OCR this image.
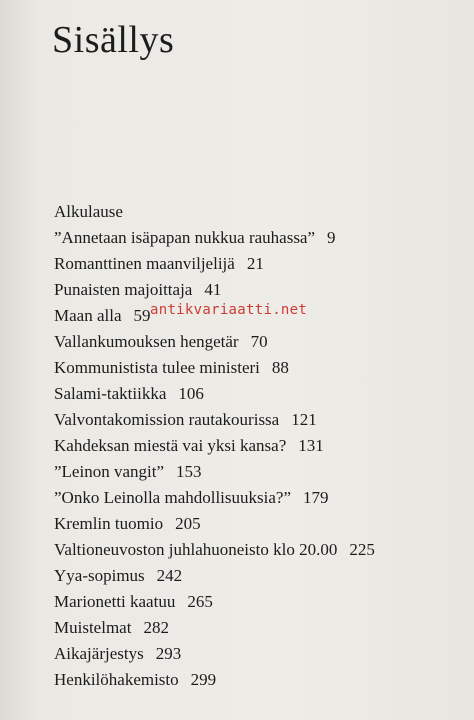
Sisällys
Alkulause
”Annetaan isäpapan nukkua rauhassa” 9
Romanttinen maanviljelijä 21
Punaisten majoittaja 41
Maan alla 59
Vallankumouksen hengetär 70
Kommunistista tulee ministeri 88
Salami-taktiikka 106
Valvontakomission rautakourissa 121
Kahdeksan miestä vai yksi kansa? 131
”Leinon vangit” 153
”Onko Leinolla mahdollisuuksia?” 179
Kremlin tuomio 205
Valtioneuvoston juhlahuoneisto klo 20.00 225
Yya-sopimus 242
Marionetti kaatuu 265
Muistelmat 282
Aikajärjestys 293
Henkilöhakemisto 299
antikvariaatti.net
